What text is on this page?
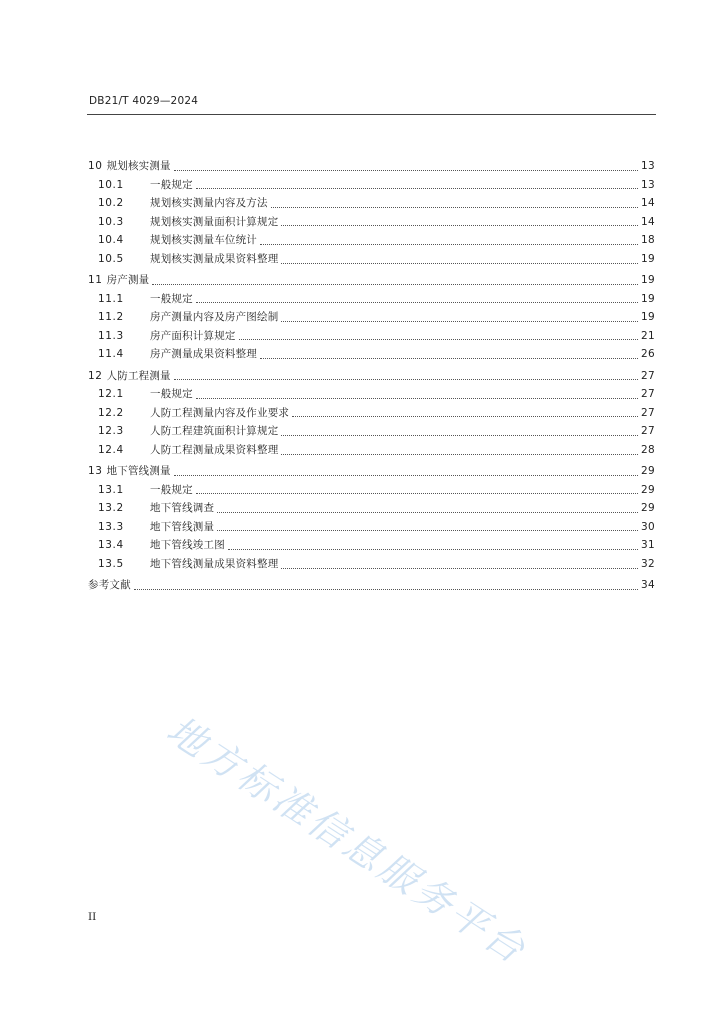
DB21/T 4029—2024
10 规划核实测量	13
10.1	一般规定	13
10.2	规划核实测量内容及方法	14
10.3	规划核实测量面积计算规定	14
10.4	规划核实测量车位统计	18
10.5	规划核实测量成果资料整理	19
11 房产测量	19
11.1	一般规定	19
11.2	房产测量内容及房产图绘制	19
11.3	房产面积计算规定	21
11.4	房产测量成果资料整理	26
12 人防工程测量	27
12.1	一般规定	27
12.2	人防工程测量内容及作业要求	27
12.3	人防工程建筑面积计算规定	27
12.4	人防工程测量成果资料整理	28
13 地下管线测量	29
13.1	一般规定	29
13.2	地下管线调查	29
13.3	地下管线测量	30
13.4	地下管线竣工图	31
13.5	地下管线测量成果资料整理	32
参考文献	34
II 地方标准信息服务平台
